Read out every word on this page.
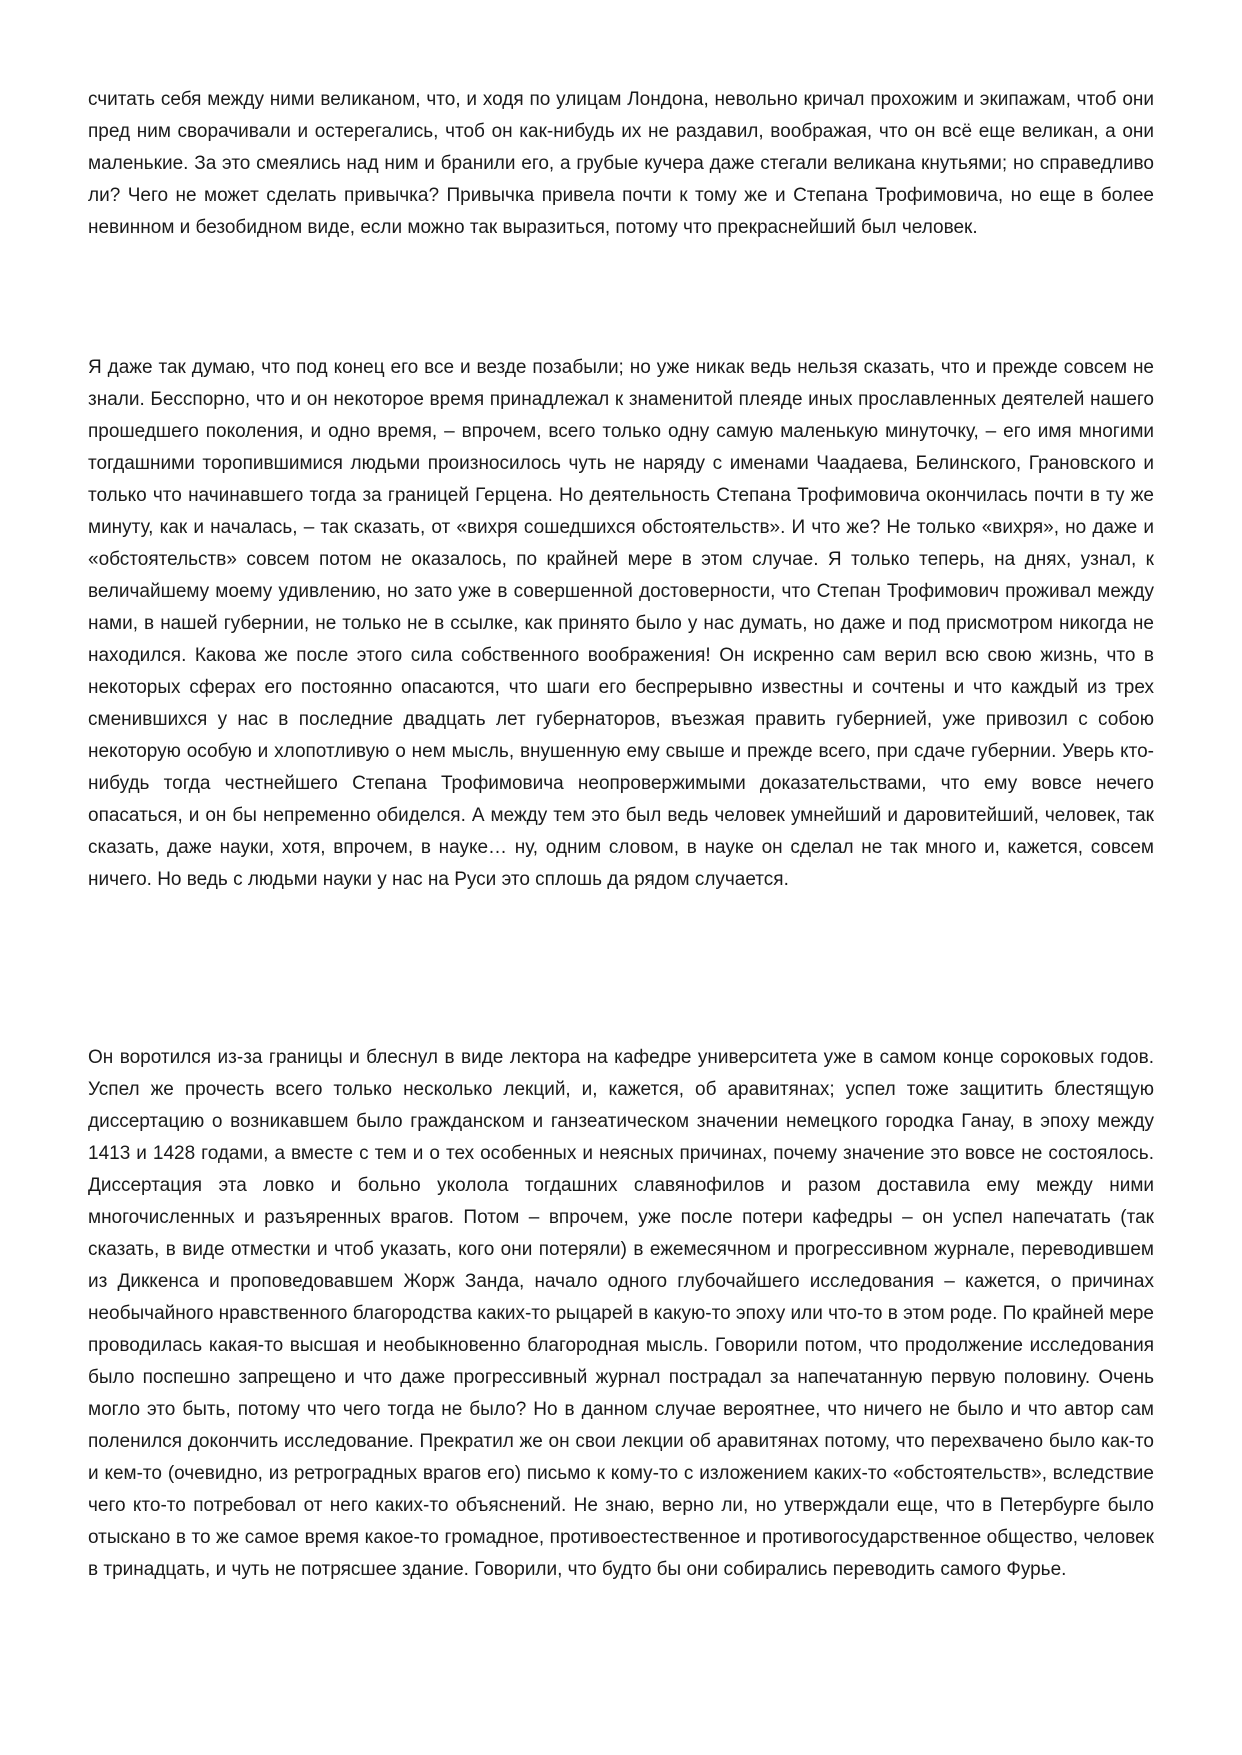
считать себя между ними великаном, что, и ходя по улицам Лондона, невольно кричал прохожим и экипажам, чтоб они пред ним сворачивали и остерегались, чтоб он как-нибудь их не раздавил, воображая, что он всё еще великан, а они маленькие. За это смеялись над ним и бранили его, а грубые кучера даже стегали великана кнутьями; но справедливо ли? Чего не может сделать привычка? Привычка привела почти к тому же и Степана Трофимовича, но еще в более невинном и безобидном виде, если можно так выразиться, потому что прекраснейший был человек.

Я даже так думаю, что под конец его все и везде позабыли; но уже никак ведь нельзя сказать, что и прежде совсем не знали. Бесспорно, что и он некоторое время принадлежал к знаменитой плеяде иных прославленных деятелей нашего прошедшего поколения, и одно время, – впрочем, всего только одну самую маленькую минуточку, – его имя многими тогдашними торопившимися людьми произносилось чуть не наряду с именами Чаадаева, Белинского, Грановского и только что начинавшего тогда за границей Герцена. Но деятельность Степана Трофимовича окончилась почти в ту же минуту, как и началась, – так сказать, от «вихря сошедшихся обстоятельств». И что же? Не только «вихря», но даже и «обстоятельств» совсем потом не оказалось, по крайней мере в этом случае. Я только теперь, на днях, узнал, к величайшему моему удивлению, но зато уже в совершенной достоверности, что Степан Трофимович проживал между нами, в нашей губернии, не только не в ссылке, как принято было у нас думать, но даже и под присмотром никогда не находился. Какова же после этого сила собственного воображения! Он искренно сам верил всю свою жизнь, что в некоторых сферах его постоянно опасаются, что шаги его беспрерывно известны и сочтены и что каждый из трех сменившихся у нас в последние двадцать лет губернаторов, въезжая править губернией, уже привозил с собою некоторую особую и хлопотливую о нем мысль, внушенную ему свыше и прежде всего, при сдаче губернии. Уверь кто-нибудь тогда честнейшего Степана Трофимовича неопровержимыми доказательствами, что ему вовсе нечего опасаться, и он бы непременно обиделся. А между тем это был ведь человек умнейший и даровитейший, человек, так сказать, даже науки, хотя, впрочем, в науке… ну, одним словом, в науке он сделал не так много и, кажется, совсем ничего. Но ведь с людьми науки у нас на Руси это сплошь да рядом случается.

Он воротился из-за границы и блеснул в виде лектора на кафедре университета уже в самом конце сороковых годов. Успел же прочесть всего только несколько лекций, и, кажется, об аравитянах; успел тоже защитить блестящую диссертацию о возникавшем было гражданском и ганзеатическом значении немецкого городка Ганау, в эпоху между 1413 и 1428 годами, а вместе с тем и о тех особенных и неясных причинах, почему значение это вовсе не состоялось. Диссертация эта ловко и больно уколола тогдашних славянофилов и разом доставила ему между ними многочисленных и разъяренных врагов. Потом – впрочем, уже после потери кафедры – он успел напечатать (так сказать, в виде отместки и чтоб указать, кого они потеряли) в ежемесячном и прогрессивном журнале, переводившем из Диккенса и проповедовавшем Жорж Занда, начало одного глубочайшего исследования – кажется, о причинах необычайного нравственного благородства каких-то рыцарей в какую-то эпоху или что-то в этом роде. По крайней мере проводилась какая-то высшая и необыкновенно благородная мысль. Говорили потом, что продолжение исследования было поспешно запрещено и что даже прогрессивный журнал пострадал за напечатанную первую половину. Очень могло это быть, потому что чего тогда не было? Но в данном случае вероятнее, что ничего не было и что автор сам поленился докончить исследование. Прекратил же он свои лекции об аравитянах потому, что перехвачено было как-то и кем-то (очевидно, из ретроградных врагов его) письмо к кому-то с изложением каких-то «обстоятельств», вследствие чего кто-то потребовал от него каких-то объяснений. Не знаю, верно ли, но утверждали еще, что в Петербурге было отыскано в то же самое время какое-то громадное, противоестественное и противогосударственное общество, человек в тринадцать, и чуть не потрясшее здание. Говорили, что будто бы они собирались переводить самого Фурье.
